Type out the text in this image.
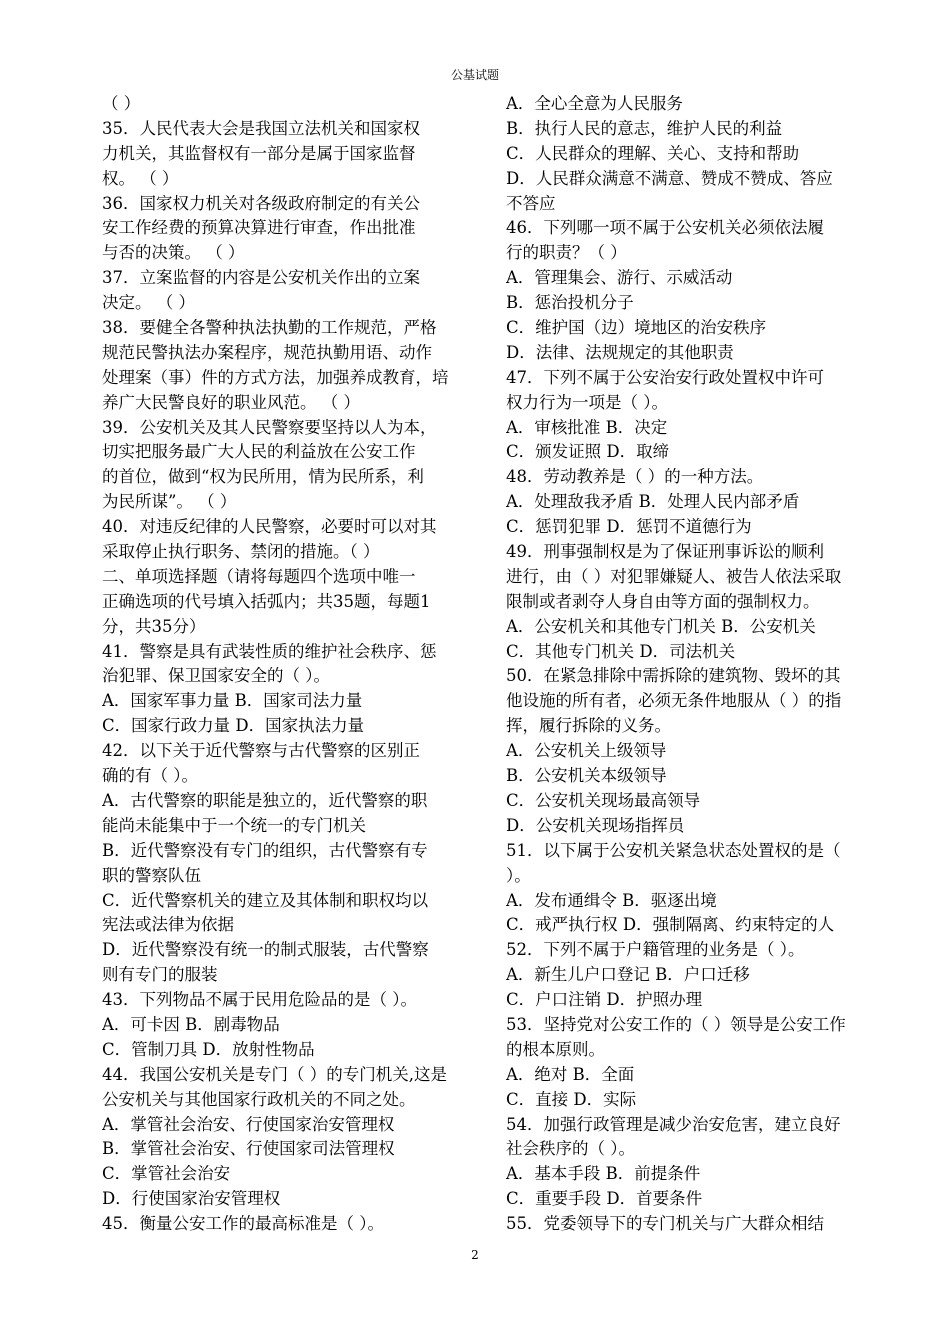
公基试题
（ ）
35．人民代表大会是我国立法机关和国家权
力机关，其监督权有一部分是属于国家监督
权。 （ ）
36．国家权力机关对各级政府制定的有关公
安工作经费的预算决算进行审查，作出批准
与否的决策。 （ ）
37．立案监督的内容是公安机关作出的立案
决定。 （ ）
38．要健全各警种执法执勤的工作规范，严格
规范民警执法办案程序，规范执勤用语、动作
处理案（事）件的方式方法，加强养成教育，培
养广大民警良好的职业风范。 （ ）
39．公安机关及其人民警察要坚持以人为本，
切实把服务最广大人民的利益放在公安工作
的首位，做到“权为民所用，情为民所系，利
为民所谋”。 （ ）
40．对违反纪律的人民警察，必要时可以对其
采取停止执行职务、禁闭的措施。（ ）
二、单项选择题（请将每题四个选项中唯一
正确选项的代号填入括弧内；共35题，每题1
分，共35分）
41．警察是具有武装性质的维护社会秩序、惩
治犯罪、保卫国家安全的（ ）。
A．国家军事力量 B．国家司法力量
C．国家行政力量 D．国家执法力量
42．以下关于近代警察与古代警察的区别正
确的有（ ）。
A．古代警察的职能是独立的，近代警察的职
能尚未能集中于一个统一的专门机关
B．近代警察没有专门的组织，古代警察有专
职的警察队伍
C．近代警察机关的建立及其体制和职权均以
宪法或法律为依据
D．近代警察没有统一的制式服装，古代警察
则有专门的服装
43．下列物品不属于民用危险品的是（ ）。
A．可卡因 B．剧毒物品
C．管制刀具 D．放射性物品
44．我国公安机关是专门（ ）的专门机关,这是
公安机关与其他国家行政机关的不同之处。
A．掌管社会治安、行使国家治安管理权
B．掌管社会治安、行使国家司法管理权
C．掌管社会治安
D．行使国家治安管理权
45．衡量公安工作的最高标准是（ ）。
A．全心全意为人民服务
B．执行人民的意志，维护人民的利益
C．人民群众的理解、关心、支持和帮助
D．人民群众满意不满意、赞成不赞成、答应
不答应
46．下列哪一项不属于公安机关必须依法履
行的职责？（ ）
A．管理集会、游行、示威活动
B．惩治投机分子
C．维护国（边）境地区的治安秩序
D．法律、法规规定的其他职责
47．下列不属于公安治安行政处置权中许可
权力行为一项是（ ）。
A．审核批准 B．决定
C．颁发证照 D．取缔
48．劳动教养是（ ）的一种方法。
A．处理敌我矛盾 B．处理人民内部矛盾
C．惩罚犯罪 D．惩罚不道德行为
49．刑事强制权是为了保证刑事诉讼的顺利
进行，由（ ）对犯罪嫌疑人、被告人依法采取
限制或者剥夺人身自由等方面的强制权力。
A．公安机关和其他专门机关 B．公安机关
C．其他专门机关 D．司法机关
50．在紧急排除中需拆除的建筑物、毁坏的其
他设施的所有者，必须无条件地服从（ ）的指
挥，履行拆除的义务。
A．公安机关上级领导
B．公安机关本级领导
C．公安机关现场最高领导
D．公安机关现场指挥员
51．以下属于公安机关紧急状态处置权的是（
）。
A．发布通缉令 B．驱逐出境
C．戒严执行权 D．强制隔离、约束特定的人
52．下列不属于户籍管理的业务是（ ）。
A．新生儿户口登记 B．户口迁移
C．户口注销 D．护照办理
53．坚持党对公安工作的（ ）领导是公安工作
的根本原则。
A．绝对 B．全面
C．直接 D．实际
54．加强行政管理是减少治安危害，建立良好
社会秩序的（ ）。
A．基本手段 B．前提条件
C．重要手段 D．首要条件
55．党委领导下的专门机关与广大群众相结
2
